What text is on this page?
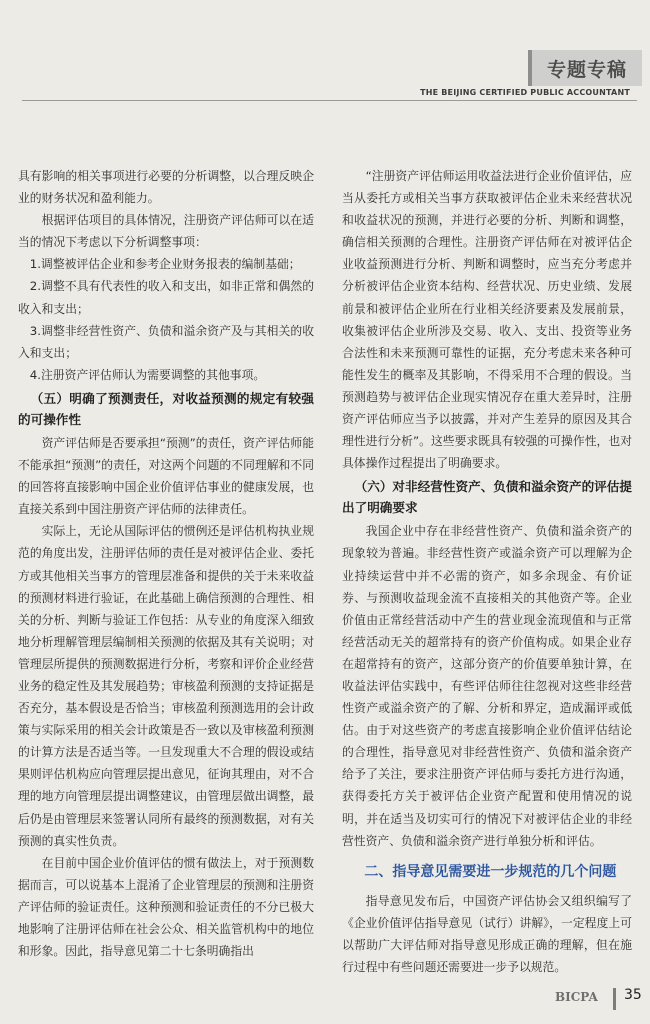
专题专稿
THE BEIJING CERTIFIED PUBLIC ACCOUNTANT

具有影响的相关事项进行必要的分析调整，以合理反映企业的财务状况和盈利能力。

根据评估项目的具体情况，注册资产评估师可以在适当的情况下考虑以下分析调整事项：

1.调整被评估企业和参考企业财务报表的编制基础；

2.调整不具有代表性的收入和支出，如非正常和偶然的收入和支出；

3.调整非经营性资产、负债和溢余资产及与其相关的收入和支出；

4.注册资产评估师认为需要调整的其他事项。

（五）明确了预测责任，对收益预测的规定有较强的可操作性

资产评估师是否要承担“预测”的责任，资产评估师能不能承担“预测”的责任，对这两个问题的不同理解和不同的回答将直接影响中国企业价值评估事业的健康发展，也直接关系到中国注册资产评估师的法律责任。

实际上，无论从国际评估的惯例还是评估机构执业规范的角度出发，注册评估师的责任是对被评估企业、委托方或其他相关当事方的管理层准备和提供的关于未来收益的预测材料进行验证，在此基础上确信预测的合理性、相关的分析、判断与验证工作包括：从专业的角度深入细致地分析理解管理层编制相关预测的依据及其有关说明；对管理层所提供的预测数据进行分析，考察和评价企业经营业务的稳定性及其发展趋势；审核盈利预测的支持证据是否充分，基本假设是否恰当；审核盈利预测选用的会计政策与实际采用的相关会计政策是否一致以及审核盈利预测的计算方法是否适当等。一旦发现重大不合理的假设或结果则评估机构应向管理层提出意见，征询其理由，对不合理的地方向管理层提出调整建议，由管理层做出调整，最后仍是由管理层来签署认同所有最终的预测数据，对有关预测的真实性负责。

在目前中国企业价值评估的惯有做法上，对于预测数据而言，可以说基本上混淆了企业管理层的预测和注册资产评估师的验证责任。这种预测和验证责任的不分已极大地影响了注册评估师在社会公众、相关监管机构中的地位和形象。因此，指导意见第二十七条明确指出

“注册资产评估师运用收益法进行企业价值评估，应当从委托方或相关当事方获取被评估企业未来经营状况和收益状况的预测，并进行必要的分析、判断和调整，确信相关预测的合理性。注册资产评估师在对被评估企业收益预测进行分析、判断和调整时，应当充分考虑并分析被评估企业资本结构、经营状况、历史业绩、发展前景和被评估企业所在行业相关经济要素及发展前景，收集被评估企业所涉及交易、收入、支出、投资等业务合法性和未来预测可靠性的证据，充分考虑未来各种可能性发生的概率及其影响，不得采用不合理的假设。当预测趋势与被评估企业现实情况存在重大差异时，注册资产评估师应当予以披露，并对产生差异的原因及其合理性进行分析”。这些要求既具有较强的可操作性，也对具体操作过程提出了明确要求。

（六）对非经营性资产、负债和溢余资产的评估提出了明确要求

我国企业中存在非经营性资产、负债和溢余资产的现象较为普遍。非经营性资产或溢余资产可以理解为企业持续运营中并不必需的资产，如多余现金、有价证券、与预测收益现金流不直接相关的其他资产等。企业价值由正常经营活动中产生的营业现金流现值和与正常经营活动无关的超常持有的资产价值构成。如果企业存在超常持有的资产，这部分资产的价值要单独计算，在收益法评估实践中，有些评估师往往忽视对这些非经营性资产或溢余资产的了解、分析和界定，造成漏评或低估。由于对这些资产的考虑直接影响企业价值评估结论的合理性，指导意见对非经营性资产、负债和溢余资产给予了关注，要求注册资产评估师与委托方进行沟通，获得委托方关于被评估企业资产配置和使用情况的说明，并在适当及切实可行的情况下对被评估企业的非经营性资产、负债和溢余资产进行单独分析和评估。

二、指导意见需要进一步规范的几个问题

指导意见发布后，中国资产评估协会又组织编写了《企业价值评估指导意见（试行）讲解》，一定程度上可以帮助广大评估师对指导意见形成正确的理解，但在施行过程中有些问题还需要进一步予以规范。

BICPA 35
